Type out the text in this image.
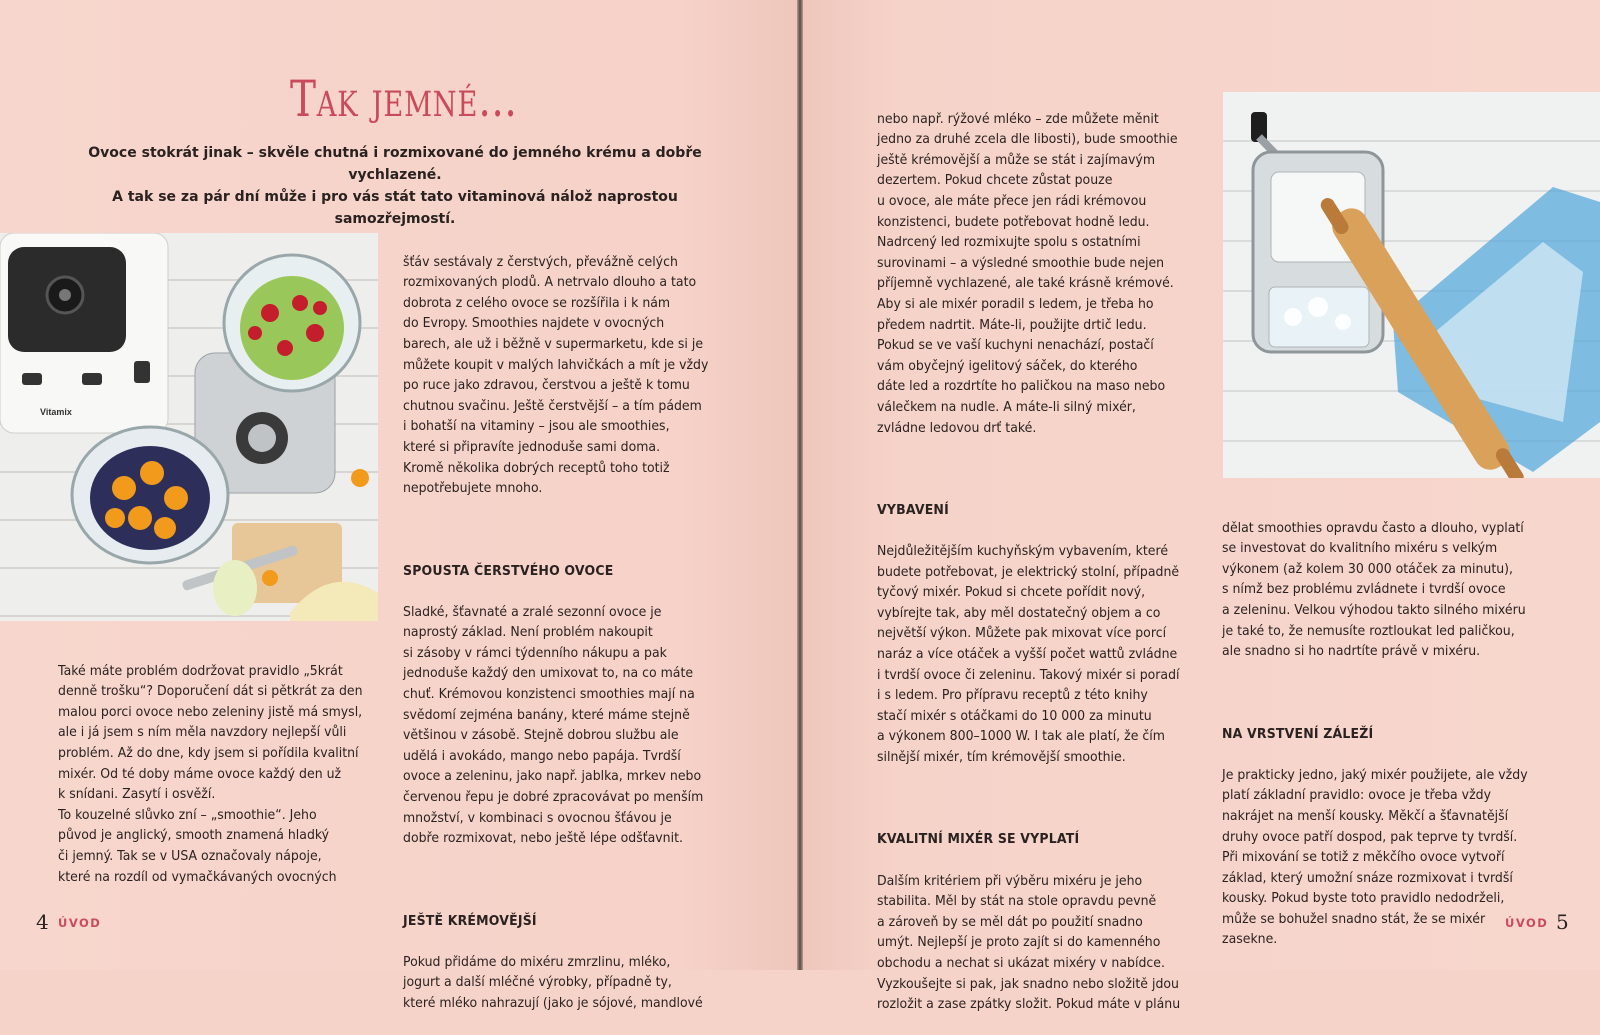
Tak jemné…
Ovoce stokrát jinak – skvěle chutná i rozmixované do jemného krému a dobře vychlazené.
A tak se za pár dní může i pro vás stát tato vitaminová nálož naprostou samozřejmostí.
Vitamix

Také máte problém dodržovat pravidlo „5krát
denně trošku“? Doporučení dát si pětkrát za den
malou porci ovoce nebo zeleniny jistě má smysl,
ale i já jsem s ním měla navzdory nejlepší vůli
problém. Až do dne, kdy jsem si pořídila kvalitní
mixér. Od té doby máme ovoce každý den už
k snídani. Zasytí i osvěží.
To kouzelné slůvko zní – „smoothie“. Jeho
původ je anglický, smooth znamená hladký
či jemný. Tak se v USA označovaly nápoje,
které na rozdíl od vymačkávaných ovocných

šťáv sestávaly z čerstvých, převážně celých
rozmixovaných plodů. A netrvalo dlouho a tato
dobrota z celého ovoce se rozšířila i k nám
do Evropy. Smoothies najdete v ovocných
barech, ale už i běžně v supermarketu, kde si je
můžete koupit v malých lahvičkách a mít je vždy
po ruce jako zdravou, čerstvou a ještě k tomu
chutnou svačinu. Ještě čerstvější – a tím pádem
i bohatší na vitaminy – jsou ale smoothies,
které si připravíte jednoduše sami doma.
Kromě několika dobrých receptů toho totiž
nepotřebujete mnoho.

SPOUSTA ČERSTVÉHO OVOCE

Sladké, šťavnaté a zralé sezonní ovoce je
naprostý základ. Není problém nakoupit
si zásoby v rámci týdenního nákupu a pak
jednoduše každý den umixovat to, na co máte
chuť. Krémovou konzistenci smoothies mají na
svědomí zejména banány, které máme stejně
většinou v zásobě. Stejně dobrou službu ale
udělá i avokádo, mango nebo papája. Tvrdší
ovoce a zeleninu, jako např. jablka, mrkev nebo
červenou řepu je dobré zpracovávat po menším
množství, v kombinaci s ovocnou šťávou je
dobře rozmixovat, nebo ještě lépe odšťavnit.

JEŠTĚ KRÉMOVĚJŠÍ

Pokud přidáme do mixéru zmrzlinu, mléko,
jogurt a další mléčné výrobky, případně ty,
které mléko nahrazují (jako je sójové, mandlové

nebo např. rýžové mléko – zde můžete měnit
jedno za druhé zcela dle libosti), bude smoothie
ještě krémovější a může se stát i zajímavým
dezertem. Pokud chcete zůstat pouze
u ovoce, ale máte přece jen rádi krémovou
konzistenci, budete potřebovat hodně ledu.
Nadrcený led rozmixujte spolu s ostatními
surovinami – a výsledné smoothie bude nejen
příjemně vychlazené, ale také krásně krémové.
Aby si ale mixér poradil s ledem, je třeba ho
předem nadrtit. Máte-li, použijte drtič ledu.
Pokud se ve vaší kuchyni nenachází, postačí
vám obyčejný igelitový sáček, do kterého
dáte led a rozdrtíte ho paličkou na maso nebo
válečkem na nudle. A máte-li silný mixér,
zvládne ledovou drť také.

VYBAVENÍ

Nejdůležitějším kuchyňským vybavením, které
budete potřebovat, je elektrický stolní, případně
tyčový mixér. Pokud si chcete pořídit nový,
vybírejte tak, aby měl dostatečný objem a co
největší výkon. Můžete pak mixovat více porcí
naráz a více otáček a vyšší počet wattů zvládne
i tvrdší ovoce či zeleninu. Takový mixér si poradí
i s ledem. Pro přípravu receptů z této knihy
stačí mixér s otáčkami do 10 000 za minutu
a výkonem 800–1000 W. I tak ale platí, že čím
silnější mixér, tím krémovější smoothie.

KVALITNÍ MIXÉR SE VYPLATÍ

Dalším kritériem při výběru mixéru je jeho
stabilita. Měl by stát na stole opravdu pevně
a zároveň by se měl dát po použití snadno
umýt. Nejlepší je proto zajít si do kamenného
obchodu a nechat si ukázat mixéry v nabídce.
Vyzkoušejte si pak, jak snadno nebo složitě jdou
rozložit a zase zpátky složit. Pokud máte v plánu

dělat smoothies opravdu často a dlouho, vyplatí
se investovat do kvalitního mixéru s velkým
výkonem (až kolem 30 000 otáček za minutu),
s nímž bez problému zvládnete i tvrdší ovoce
a zeleninu. Velkou výhodou takto silného mixéru
je také to, že nemusíte roztloukat led paličkou,
ale snadno si ho nadrtíte právě v mixéru.

NA VRSTVENÍ ZÁLEŽÍ

Je prakticky jedno, jaký mixér použijete, ale vždy
platí základní pravidlo: ovoce je třeba vždy
nakrájet na menší kousky. Měkčí a šťavnatější
druhy ovoce patří dospod, pak teprve ty tvrdší.
Při mixování se totiž z měkčího ovoce vytvoří
základ, který umožní snáze rozmixovat i tvrdší
kousky. Pokud byste toto pravidlo nedodrželi,
může se bohužel snadno stát, že se mixér
zasekne.

4 ÚVOD	ÚVOD 5
